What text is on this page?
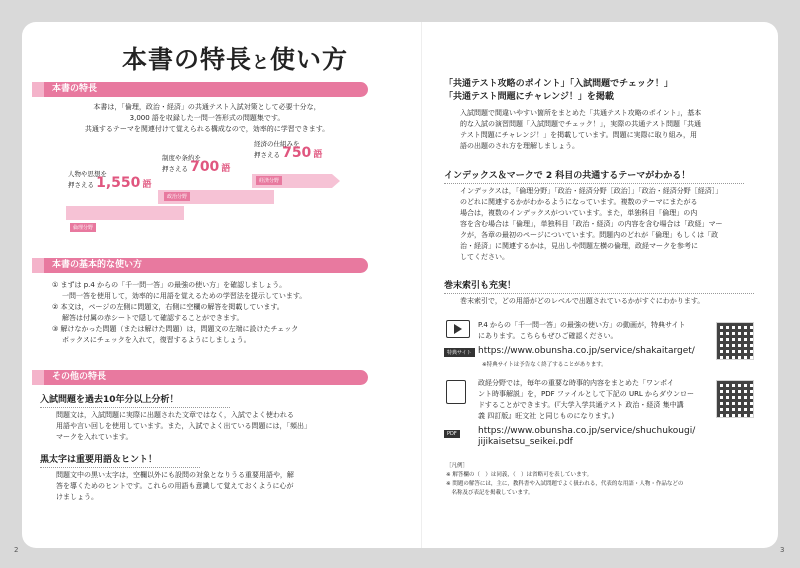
本書の特長と使い方
本書の特長
本書は，「倫理，政治・経済」の共通テスト入試対策として必要十分な，
3,000 語を収録した一問一答形式の問題集です。
共通するテーマを関連付けて覚えられる構成なので，効率的に学習できます。
人物や思想を
押さえる 1,550 語
倫理分野
制度や条約を
押さえる 700 語
政治分野
経済の仕組みを
押さえる 750 語
経済分野
本書の基本的な使い方
① まずは p.4 からの「千一問一答」の最強の使い方」を確認しましょう。
一問一答を使用して，効率的に用語を覚えるための学習法を提示しています。
② 本文は，ページの左側に問題文，右側に空欄の解答を掲載しています。
解答は付属の赤シートで隠して確認することができます。
③ 解けなかった問題（または解けた問題）は，問題文の左端に設けたチェック
ボックスにチェックを入れて，復習するようにしましょう。
その他の特長
入試問題を過去10年分以上分析！
問題文は，入試問題に実際に出題された文章ではなく，入試でよく使われる
用語や言い回しを使用しています。また，入試でよく出ている問題には，「頻出」
マークを入れています。
黒太字は重要用語＆ヒント！
問題文中の黒い太字は，空欄以外にも設問の対象となりうる重要用語や，解
答を導くためのヒントです。これらの用語も意識して覚えておくように心が
けましょう。
「共通テスト攻略のポイント」「入試問題でチェック！」
「共通テスト問題にチャレンジ！」を掲載
入試問題で間違いやすい箇所をまとめた「共通テスト攻略のポイント」，基本
的な入試の演習問題「入試問題でチェック！」，実際の共通テスト問題「共通
テスト問題にチャレンジ！」を掲載しています。問題に実際に取り組み，用
語の出題のされ方を理解しましょう。
インデックス＆マークで 2 科目の共通するテーマがわかる！
インデックスは，「倫理分野」「政治・経済分野［政治］」「政治・経済分野［経済］」
のどれに関連するかがわかるようになっています。複数のテーマにまたがる
場合は，複数のインデックスがついています。また，単独科目「倫理」の内
容を含む場合は「倫理」，単独科目「政治・経済」の内容を含む場合は「政経」マー
クが，各章の最初のページについています。問題内のどれが「倫理」もしくは「政
治・経済」に関連するかは，見出しや問題左横の倫理，政経マークを参考に
してください。
巻末索引も充実！
巻末索引で，どの用語がどのレベルで出題されているかがすぐにわかります。
P.4 からの「千一問一答」の最強の使い方」の動画が，特典サイト
にあります。こちらもぜひご確認ください。
特典サイト https://www.obunsha.co.jp/service/shakaitarget/
※特典サイトは予告なく終了することがあります。
政経分野では，毎年の重要な時事的内容をまとめた「ワンポイ
ント時事解説」を，PDF ファイルとして下記の URL からダウンロー
ドすることができます。(『大学入学共通テスト 政治・経済 集中講
義 四訂版』旺文社 と同じものになります。)
PDF	https://www.obunsha.co.jp/service/shuchukougi/
jijikaisetsu_seikei.pdf
［凡例］
※ 解答欄の（　）は同義，（　）は省略可を表しています。
※ 問題の解答には，主に，教科書や入試問題でよく扱われる，代表的な用語・人物・作品などの
　名称及び表記を掲載しています。
2	3
